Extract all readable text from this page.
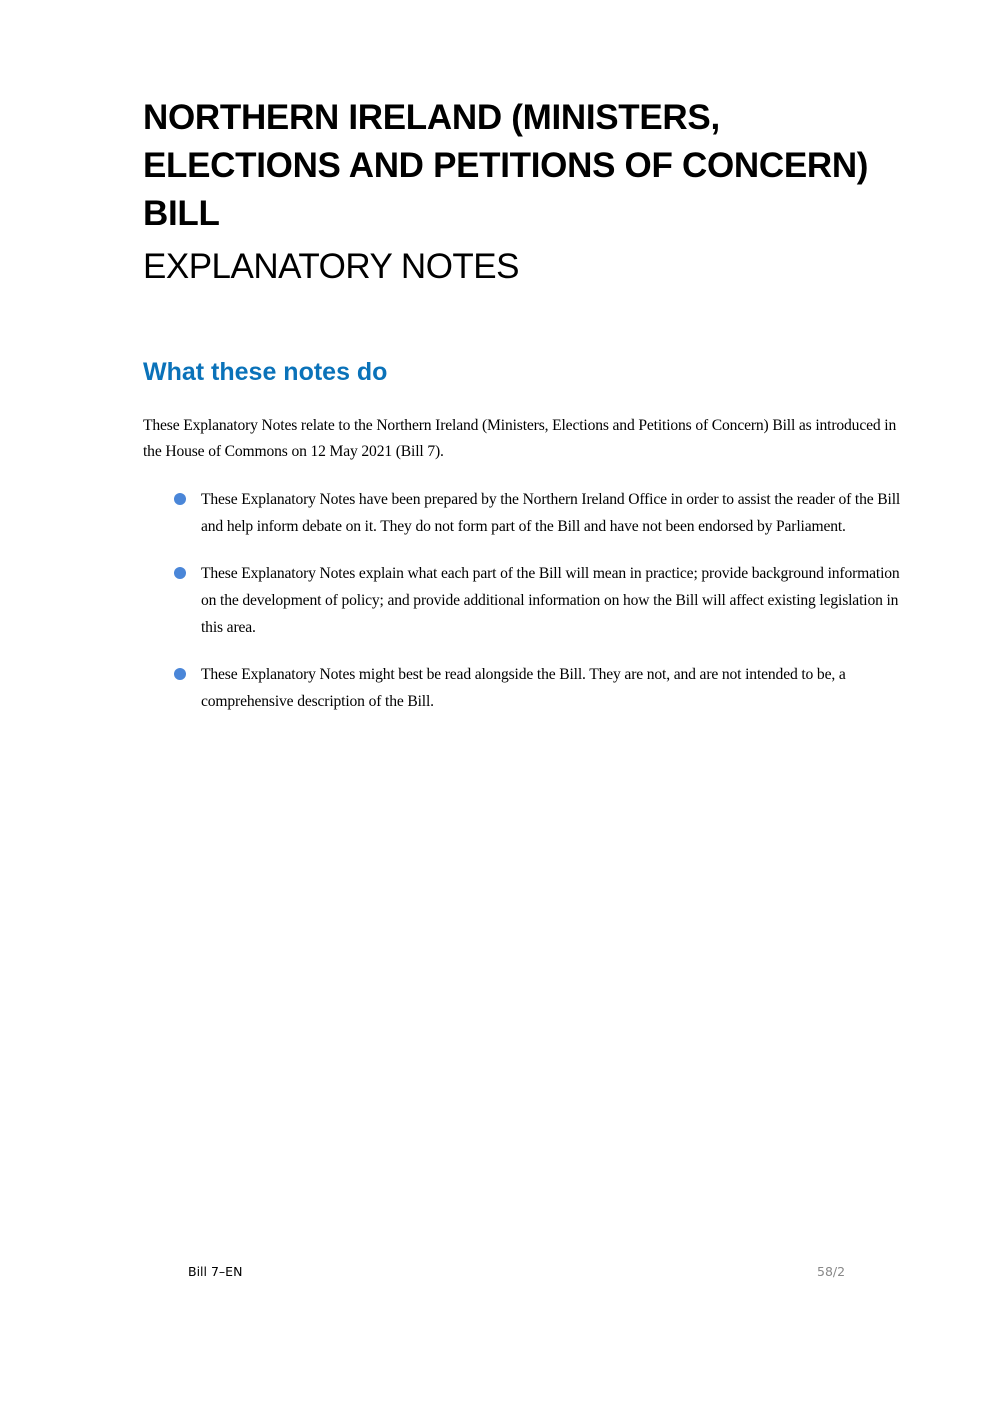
NORTHERN IRELAND (MINISTERS, ELECTIONS AND PETITIONS OF CONCERN) BILL
EXPLANATORY NOTES
What these notes do

These Explanatory Notes relate to the Northern Ireland (Ministers, Elections and Petitions of Concern) Bill as introduced in the House of Commons on 12 May 2021 (Bill 7).

These Explanatory Notes have been prepared by the Northern Ireland Office in order to assist the reader of the Bill and help inform debate on it. They do not form part of the Bill and have not been endorsed by Parliament.
These Explanatory Notes explain what each part of the Bill will mean in practice; provide background information on the development of policy; and provide additional information on how the Bill will affect existing legislation in this area.
These Explanatory Notes might best be read alongside the Bill. They are not, and are not intended to be, a comprehensive description of the Bill.
Bill 7–EN	58/2
